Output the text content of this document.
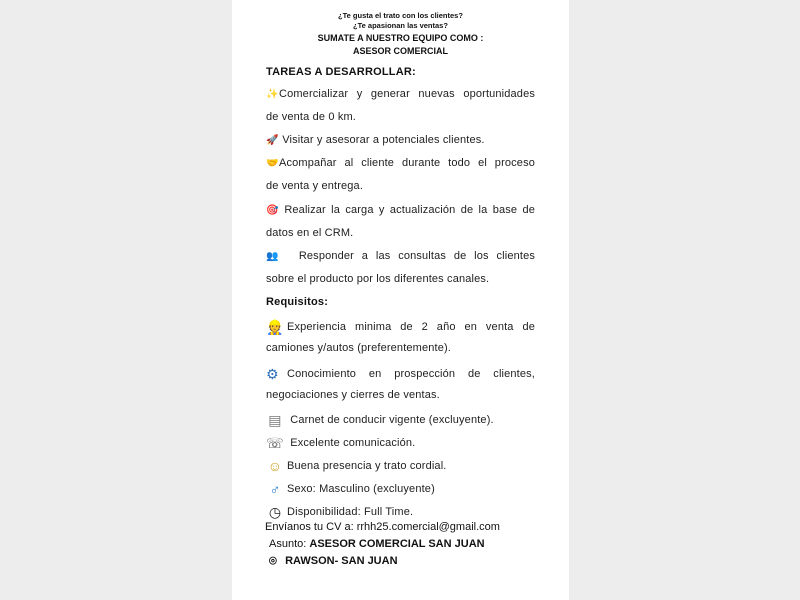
¿Te gusta el trato con los clientes?
¿Te apasionan las ventas?
SUMATE A NUESTRO EQUIPO COMO :
ASESOR COMERCIAL
TAREAS A DESARROLLAR:
✨Comercializar y generar nuevas oportunidades
de venta de 0 km.
🚀 Visitar y asesorar a potenciales clientes.
🤝Acompañar al cliente durante todo el proceso
de venta y entrega.
🎯 Realizar la carga y actualización de la base de
datos en el CRM.
👥 Responder a las consultas de los clientes
sobre el producto por los diferentes canales.
Requisitos:
👷 Experiencia minima de 2 año en venta de
camiones y/autos (preferentemente).
⚙ Conocimiento en prospección de clientes,
negociaciones y cierres de ventas.
▤ Carnet de conducir vigente (excluyente).
☏ Excelente comunicación.
☺ Buena presencia y trato cordial.
♂ Sexo: Masculino (excluyente)
◷ Disponibilidad: Full Time.
Envíanos tu CV a: rrhh25.comercial@gmail.com
Asunto: ASESOR COMERCIAL SAN JUAN
⌾ RAWSON- SAN JUAN
